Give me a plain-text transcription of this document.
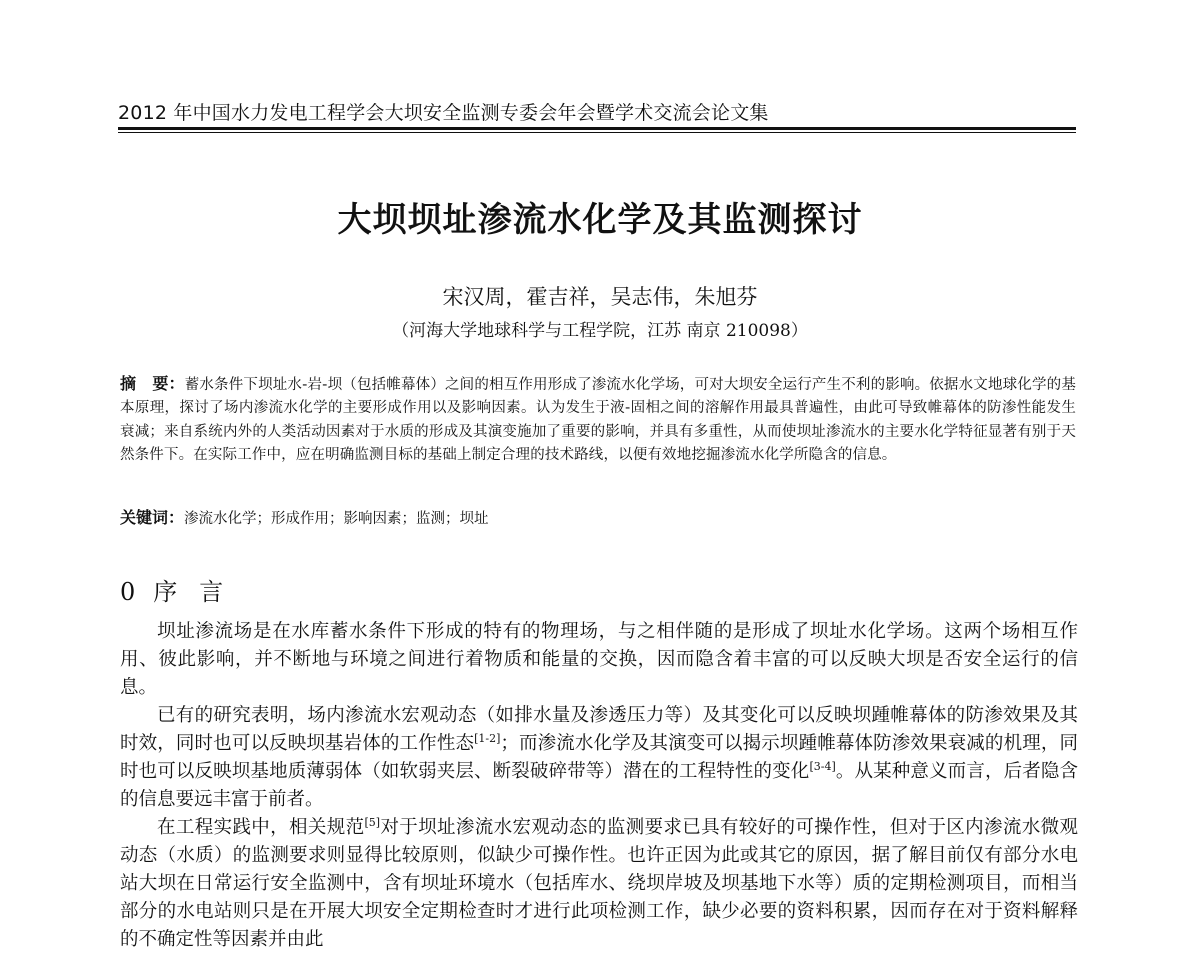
2012 年中国水力发电工程学会大坝安全监测专委会年会暨学术交流会论文集
大坝坝址渗流水化学及其监测探讨
宋汉周，霍吉祥，吴志伟，朱旭芬
（河海大学地球科学与工程学院，江苏 南京 210098）
摘　要：蓄水条件下坝址水-岩-坝（包括帷幕体）之间的相互作用形成了渗流水化学场，可对大坝安全运行产生不利的影响。依据水文地球化学的基本原理，探讨了场内渗流水化学的主要形成作用以及影响因素。认为发生于液-固相之间的溶解作用最具普遍性，由此可导致帷幕体的防渗性能发生衰减；来自系统内外的人类活动因素对于水质的形成及其演变施加了重要的影响，并具有多重性，从而使坝址渗流水的主要水化学特征显著有别于天然条件下。在实际工作中，应在明确监测目标的基础上制定合理的技术路线，以便有效地挖掘渗流水化学所隐含的信息。
关键词：渗流水化学；形成作用；影响因素；监测；坝址
0 序言

坝址渗流场是在水库蓄水条件下形成的特有的物理场，与之相伴随的是形成了坝址水化学场。这两个场相互作用、彼此影响，并不断地与环境之间进行着物质和能量的交换，因而隐含着丰富的可以反映大坝是否安全运行的信息。

已有的研究表明，场内渗流水宏观动态（如排水量及渗透压力等）及其变化可以反映坝踵帷幕体的防渗效果及其时效，同时也可以反映坝基岩体的工作性态[1-2]；而渗流水化学及其演变可以揭示坝踵帷幕体防渗效果衰减的机理，同时也可以反映坝基地质薄弱体（如软弱夹层、断裂破碎带等）潜在的工程特性的变化[3-4]。从某种意义而言，后者隐含的信息要远丰富于前者。

在工程实践中，相关规范[5]对于坝址渗流水宏观动态的监测要求已具有较好的可操作性，但对于区内渗流水微观动态（水质）的监测要求则显得比较原则，似缺少可操作性。也许正因为此或其它的原因，据了解目前仅有部分水电站大坝在日常运行安全监测中，含有坝址环境水（包括库水、绕坝岸坡及坝基地下水等）质的定期检测项目，而相当部分的水电站则只是在开展大坝安全定期检查时才进行此项检测工作，缺少必要的资料积累，因而存在对于资料解释的不确定性等因素并由此
